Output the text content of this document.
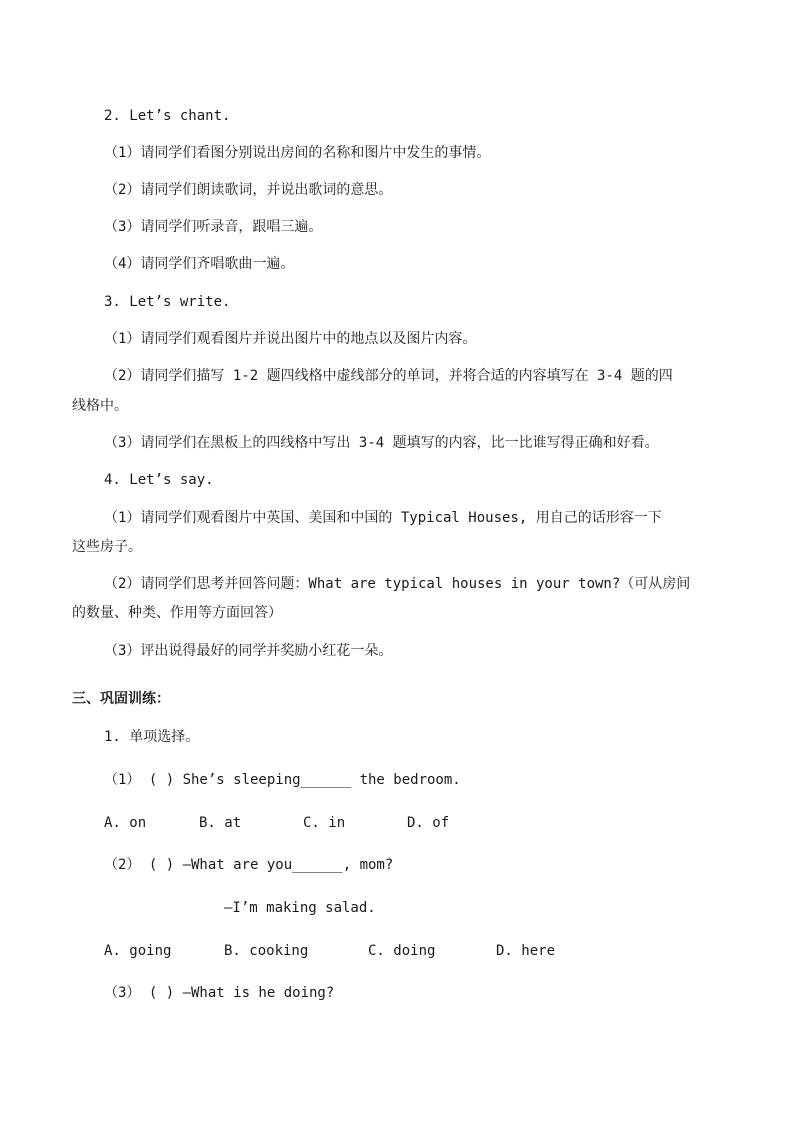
2. Let’s chant.
（1）请同学们看图分别说出房间的名称和图片中发生的事情。
（2）请同学们朗读歌词，并说出歌词的意思。
（3）请同学们听录音，跟唱三遍。
（4）请同学们齐唱歌曲一遍。
3. Let’s write.
（1）请同学们观看图片并说出图片中的地点以及图片内容。
（2）请同学们描写 1-2 题四线格中虚线部分的单词，并将合适的内容填写在 3-4 题的四
线格中。
（3）请同学们在黑板上的四线格中写出 3-4 题填写的内容，比一比谁写得正确和好看。
4. Let’s say.
（1）请同学们观看图片中英国、美国和中国的 Typical Houses, 用自己的话形容一下
这些房子。
（2）请同学们思考并回答问题：What are typical houses in your town?（可从房间
的数量、种类、作用等方面回答）
（3）评出说得最好的同学并奖励小红花一朵。
三、巩固训练：
1. 单项选择。
（1） ( ) She’s sleeping______ the bedroom.
A. on	B. at	C. in	D. of
（2） ( ) —What are you______, mom?
—I’m making salad.
A. going	B. cooking	C. doing	D. here
（3） ( ) —What is he doing?
